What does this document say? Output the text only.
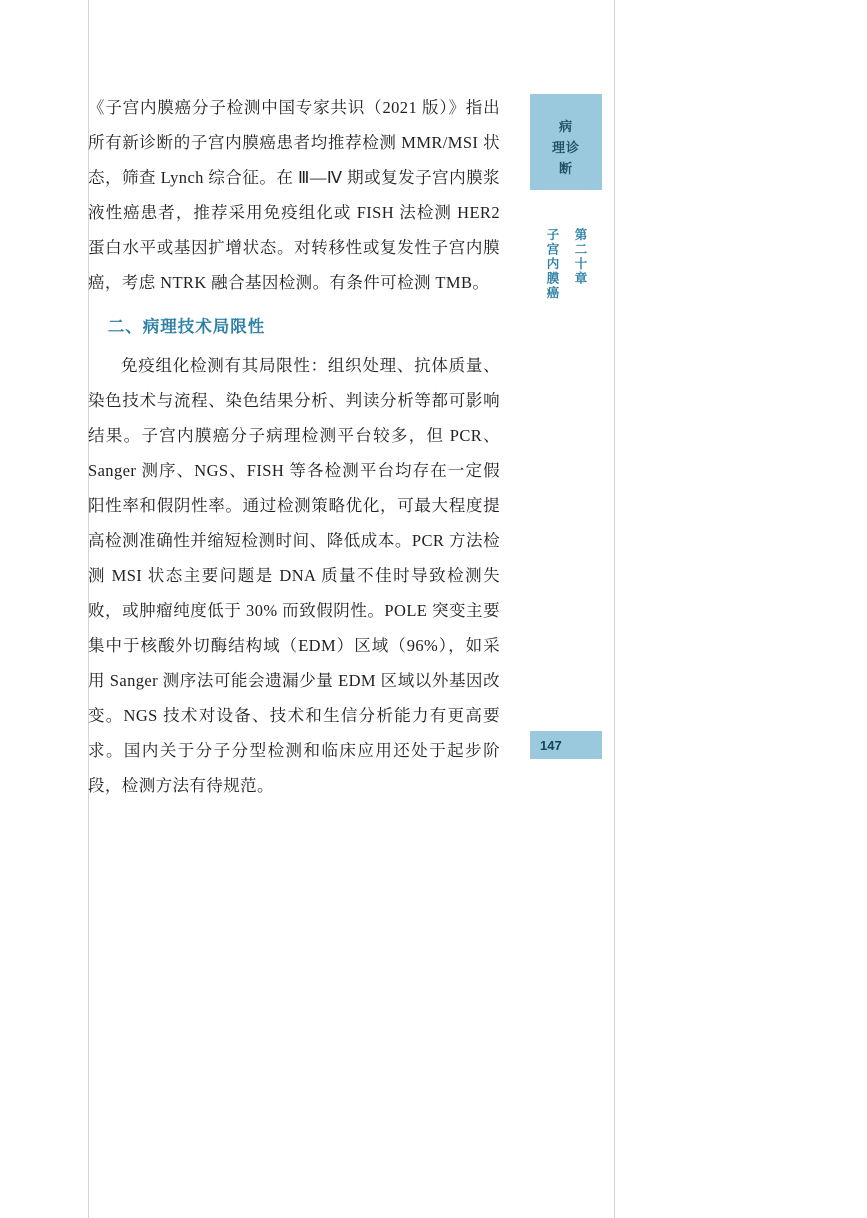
《子宫内膜癌分子检测中国专家共识（2021 版）》指出所有新诊断的子宫内膜癌患者均推荐检测 MMR/MSI 状态，筛查 Lynch 综合征。在 Ⅲ—Ⅳ 期或复发子宫内膜浆液性癌患者，推荐采用免疫组化或 FISH 法检测 HER2 蛋白水平或基因扩增状态。对转移性或复发性子宫内膜癌，考虑 NTRK 融合基因检测。有条件可检测 TMB。

二、病理技术局限性

免疫组化检测有其局限性：组织处理、抗体质量、染色技术与流程、染色结果分析、判读分析等都可影响结果。子宫内膜癌分子病理检测平台较多，但 PCR、Sanger 测序、NGS、FISH 等各检测平台均存在一定假阳性率和假阴性率。通过检测策略优化，可最大程度提高检测准确性并缩短检测时间、降低成本。PCR 方法检测 MSI 状态主要问题是 DNA 质量不佳时导致检测失败，或肿瘤纯度低于 30% 而致假阴性。POLE 突变主要集中于核酸外切酶结构域（EDM）区域（96%），如采用 Sanger 测序法可能会遗漏少量 EDM 区域以外基因改变。NGS 技术对设备、技术和生信分析能力有更高要求。国内关于分子分型检测和临床应用还处于起步阶段，检测方法有待规范。

病
理诊
断
子宫内膜癌 第二十章
147
